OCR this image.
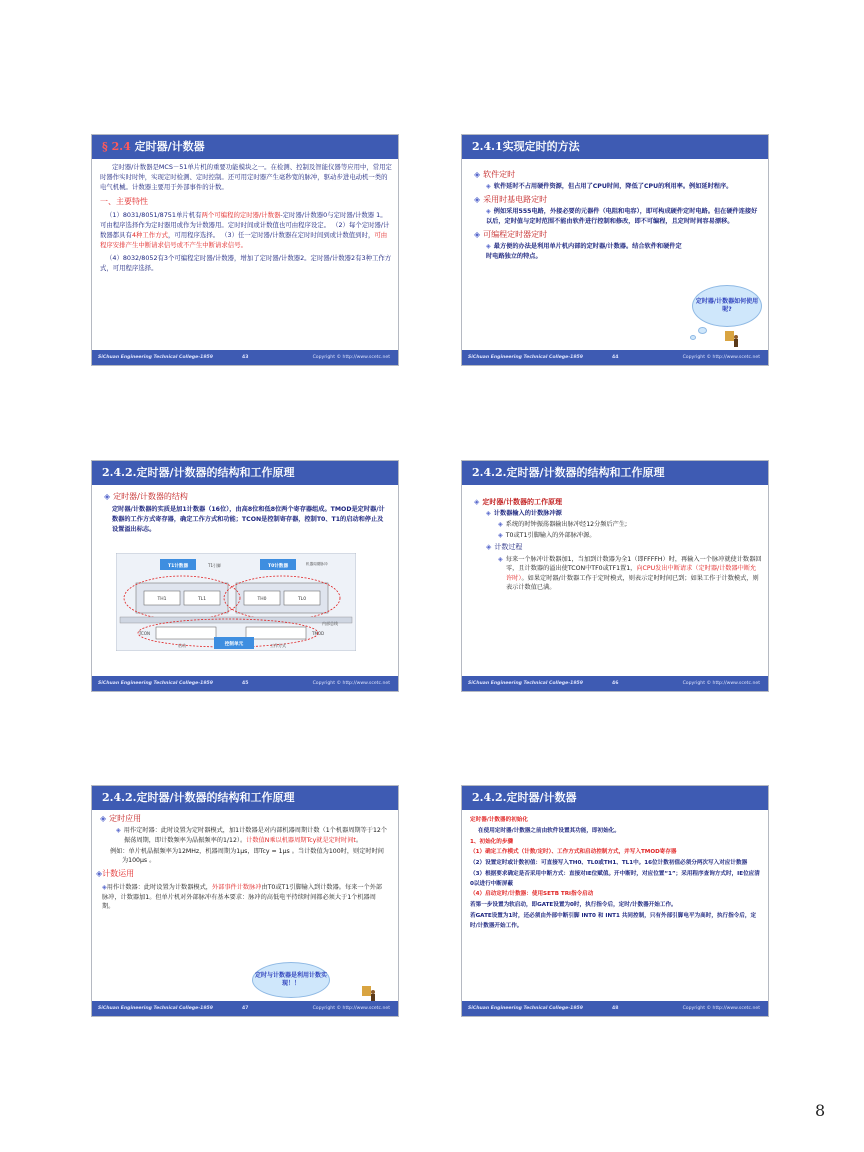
§ 2.4 定时器/计数器
定时器/计数器是MCS－51单片机的重要功能模块之一。在检测、控制及智能仪器等应用中，常用定时器作实时时钟，实现定时检测、定时控制。还可用定时器产生毫秒宽的脉冲，驱动步进电动机一类的电气机械。计数器主要用于外部事件的计数。
一、主要特性
（1）8031/8051/8751单片机有两个可编程的定时器/计数器-定时器/计数器0与定时器/计数器 1。可由程序选择作为定时器用或作为计数器用。定时时间或计数值也可由程序设定。 （2）每个定时器/计数器都具有4种工作方式，可用程序选择。 （3）任一定时器/计数器在定时时间到或计数值到时，可由程序安排产生中断请求信号或不产生中断请求信号。
（4）8032/8052有3个可编程定时器/计数器，增加了定时器/计数器2。定时器/计数器2有3种工作方式，可用程序选择。
SiChuan Engineering Technical College-1959	43	Copyright © http://www.scetc.net
2.4.1实现定时的方法
◈ 软件定时
◈ 软件延时不占用硬件资源，但占用了CPU时间，降低了CPU的利用率。例如延时程序。
◈ 采用时基电路定时
◈ 例如采用555电路，外接必要的元器件（电阻和电容），即可构成硬件定时电路。但在硬件连接好以后，定时值与定时范围不能由软件进行控制和修改，即不可编程，且定时时间容易漂移。
◈ 可编程定时器定时
◈ 最方便的办法是利用单片机内部的定时器/计数器。结合软件和硬件定时电路独立的特点。
定时器/计数器如何使用呢?
SiChuan Engineering Technical College-1959	44	Copyright © http://www.scetc.net
2.4.2.定时器/计数器的结构和工作原理
◈ 定时器/计数器的结构
定时器/计数器的实质是加1计数器（16位），由高8位和低8位两个寄存器组成。TMOD是定时器/计数器的工作方式寄存器，确定工作方式和功能；TCON是控制寄存器，控制T0、T1的启动和停止及设置溢出标志。
TH1	TL1	TH0	TL0
T1计数器	T0计数器
T1引脚	机器周期脉冲
内部总线
TCON	TMOD
控制单元	工作方式
启动
SiChuan Engineering Technical College-1959	45	Copyright © http://www.scetc.net
2.4.2.定时器/计数器的结构和工作原理
◈ 定时器/计数器的工作原理
◈ 计数器输入的计数脉冲源
◈ 系统的时钟振荡器输出脉冲经12分频后产生;
◈ T0或T1引脚输入的外部脉冲源。
◈ 计数过程
◈ 每来一个脉冲计数器加1，当加到计数器为全1（即FFFFH）时，再输入一个脉冲就使计数器回零，且计数器的溢出使TCON中TF0或TF1置1，向CPU发出中断请求（定时器/计数器中断允许时）。如果定时器/计数器工作于定时模式，则表示定时时间已到；如果工作于计数模式，则表示计数值已满。
SiChuan Engineering Technical College-1959	46	Copyright © http://www.scetc.net
2.4.2.定时器/计数器的结构和工作原理
◈ 定时应用
◈ 用作定时器：此时设置为定时器模式，加1计数器是对内部机器周期计数（1个机器周期等于12个振荡周期，即计数频率为晶振频率的1/12）。计数值N乘以机器周期Tcy就是定时时间t。
例如：单片机晶振频率为12MHz，机器周期为1μs，即Tcy = 1μs 。当计数值为100时，则定时时间为100μs 。
◈计数运用
◈用作计数器：此时设置为计数器模式，外部事件计数脉冲由T0或T1引脚输入到计数器。每来一个外部脉冲，计数器加1。但单片机对外部脉冲有基本要求：脉冲的高低电平持续时间都必须大于1个机器周期。
定时与计数器是利用计数实现！！
SiChuan Engineering Technical College-1959	47	Copyright © http://www.scetc.net
2.4.2.定时器/计数器
定时器/计数器的初始化
在使用定时器/计数器之前由软件设置其功能，即初始化。
1、初始化的步骤
（1）确定工作模式（计数/定时）、工作方式和启动控制方式，并写入TMOD寄存器
（2）设置定时或计数初值：可直接写入TH0、TL0或TH1、TL1中。16位计数初值必须分两次写入对应计数器
（3）根据要求确定是否采用中断方式：直接对IE位赋值。开中断时，对应位置“1”；采用程序查询方式时，IE位应清0以进行中断屏蔽
（4）启动定时/计数器：使用SETB TRi指令启动
若第一步设置为软启动，即GATE设置为0时，执行指令后，定时/计数器开始工作。
若GATE设置为1时，还必须由外部中断引脚 INT0 和 INT1 共同控制，只有外部引脚电平为高时，执行指令后，定时/计数器开始工作。
SiChuan Engineering Technical College-1959	48	Copyright © http://www.scetc.net
8
